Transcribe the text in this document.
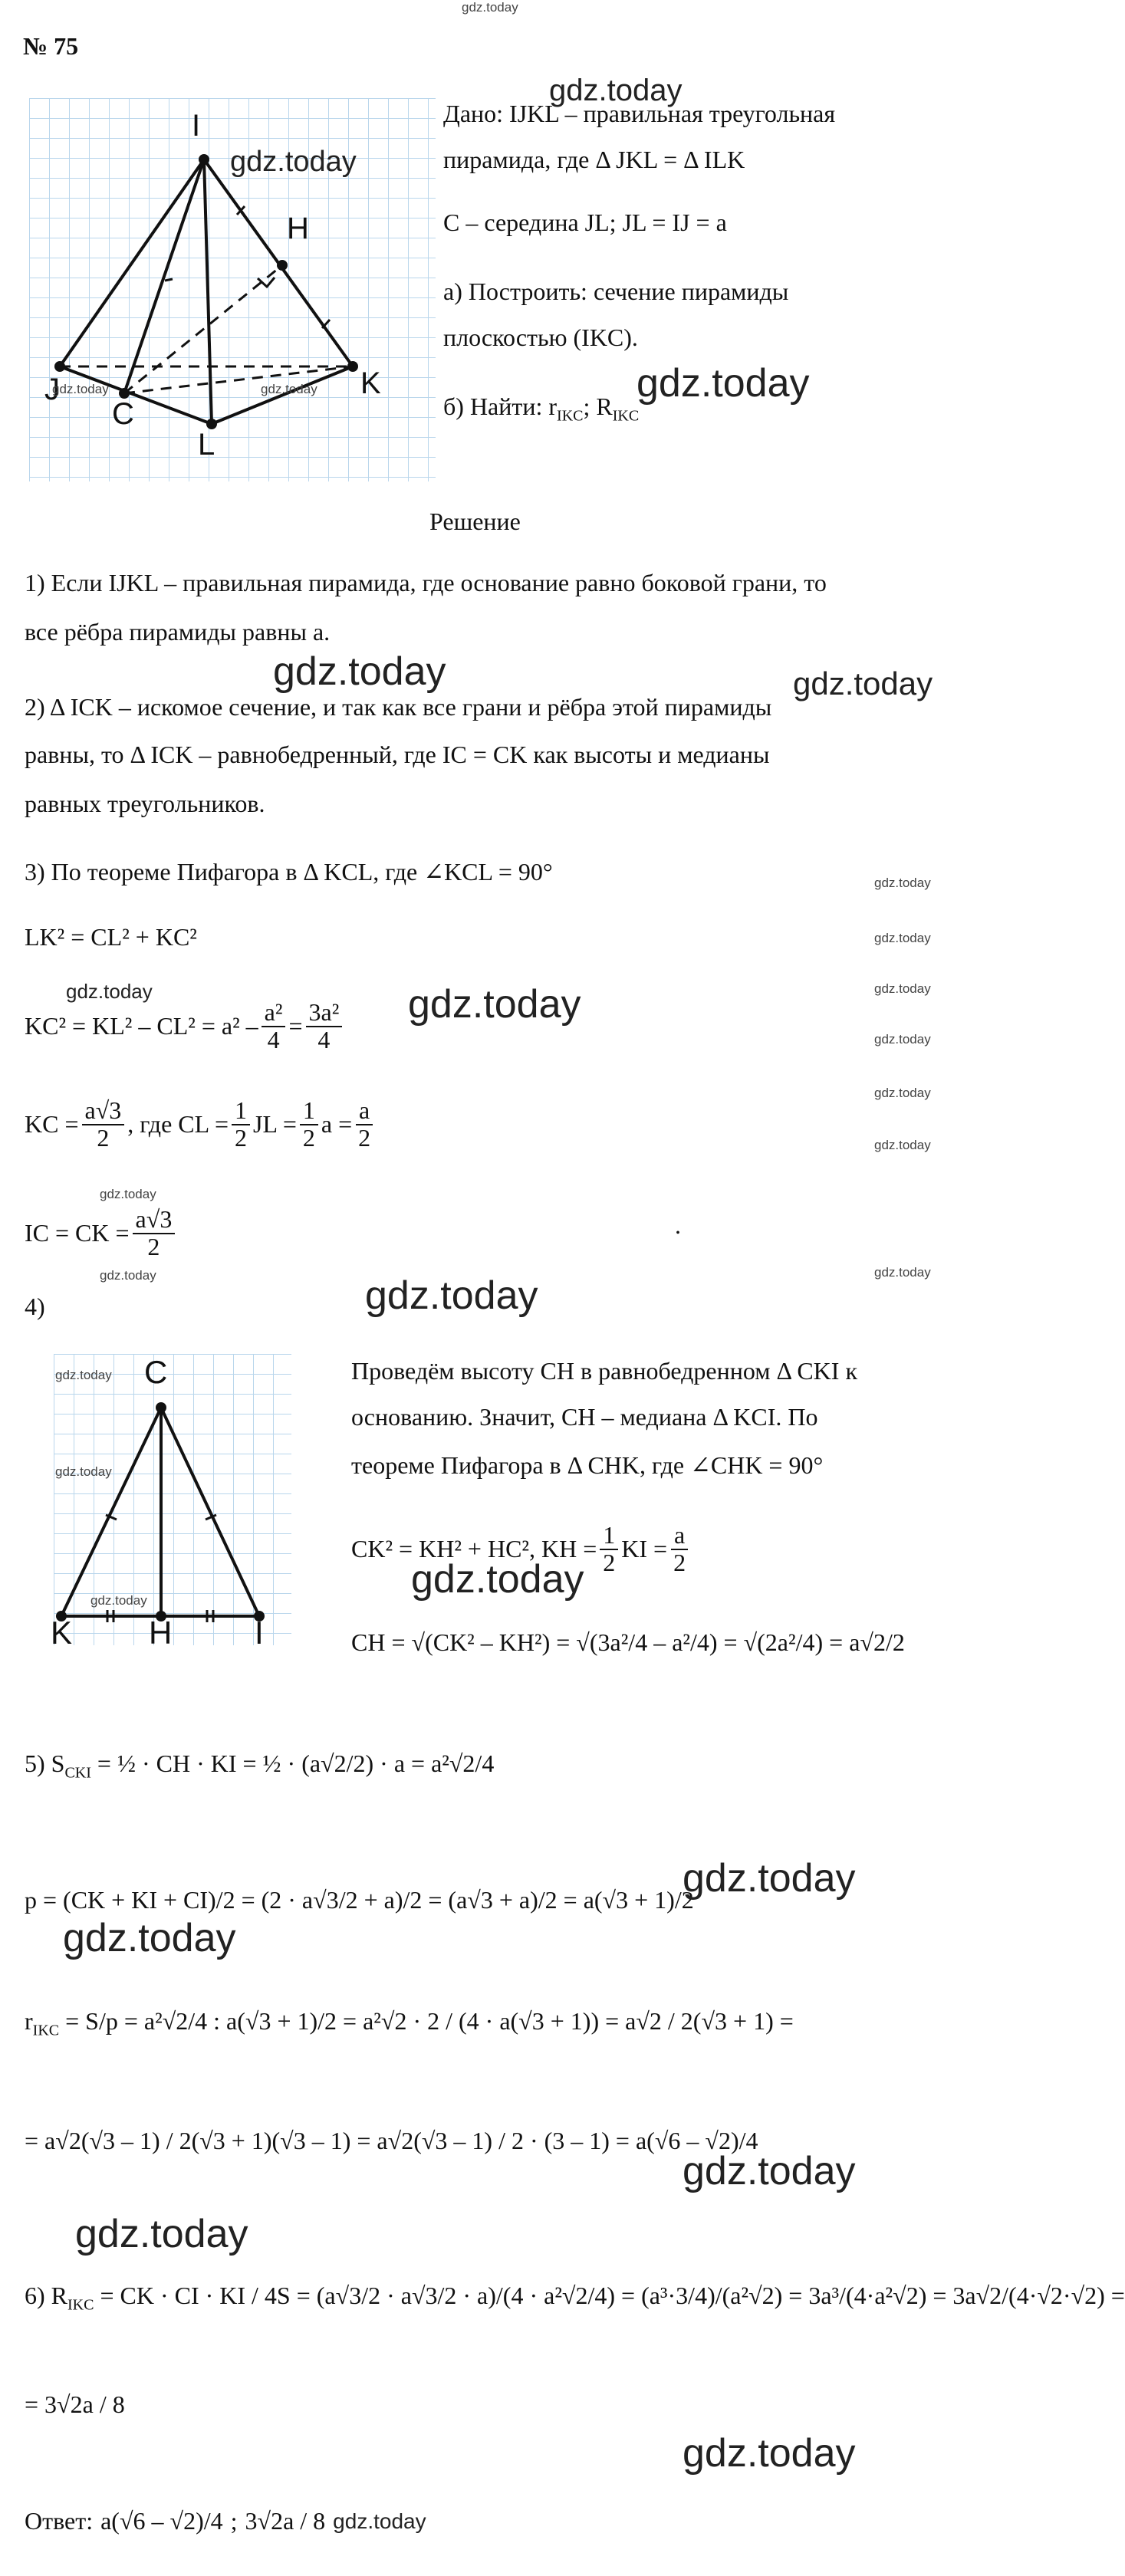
gdz.today
№ 75
I
H
J
C
K
L
gdz.today
gdz.today	gdz.today
gdz.today
Дано: IJKL – правильная треугольная
пирамида, где Δ JKL = Δ ILK
C – середина JL; JL = IJ = a
а) Построить: сечение пирамиды
плоскостью (IKC).
б) Найти: $r_{IKC}$; $R_{IKC}$
gdz.today
Решение
1) Если IJKL – правильная пирамида, где основание равно боковой грани, то
все рёбра пирамиды равны a.
gdz.today	gdz.today
2) Δ ICK – искомое сечение, и так как все грани и рёбра этой пирамиды
равны, то Δ ICK – равнобедренный, где IC = CK как высоты и медианы
равных треугольников.
3) По теореме Пифагора в Δ KCL, где ∠KCL = 90°	gdz.today
LK² = CL² + KC²	gdz.today
gdz.today	gdz.today
$KC^2 = KL^2 - CL^2 = a^2 - \frac{\text{a²}}{4} = \frac{\text{3a²}}{4}$ gdz.today
gdz.today
KC = $\frac{a√3}{2}$ , где CL = $\frac{1}{2}$ JL = $\frac{1}{2}$ $a = \frac{a}{2}$
gdz.today
gdz.today
gdz.today
IC = CK = $\frac{a√3}{2}$	.
gdz.today
gdz.today
4)	gdz.today
C
K H	I
gdz.today
gdz.today
gdz.today
Проведём высоту CH в равнобедренном Δ CKI к
основанию. Значит, CH – медиана Δ KCI. По
теореме Пифагора в Δ CHK, где ∠CHK = 90°
CK² = KH² + HC², KH = $\frac{1}{2}$ KI = $\frac{a}{2}$
gdz.today
CH = √(CK² – KH²) = √(3a²/4 – a²/4) = √(2a²/4) = a√2/2
5) $S_{CKI}$ = ½ · CH · KI = ½ · (a√2/2) · a = a²√2/4
p = (CK + KI + CI)/2 = (2 · a√3/2 + a)/2 = (a√3 + a)/2 = a(√3 + 1)/2
gdz.today
gdz.today
$r_{IKC} = S/p = a^2√2/4$ : a(√3 + 1)/2 = a²√2 · 2 / (4 · a(√3 + 1)) = a√2 / 2(√3 + 1) =
= a√2(√3 – 1) / 2(√3 + 1)(√3 – 1) = a√2(√3 – 1) / 2 · (3 – 1) = a(√6 – √2)/4
gdz.today
gdz.today
6) $R_{IKC}$ = CK · CI · KI / 4S = (a√3/2 · a√3/2 · a)/(4 · a²√2/4) = (a³·3/4)/(a²√2) = 3a³/(4·a²√2) = 3a√2/(4·√2·√2) =
= 3√2a / 8
gdz.today
Ответ: a(√6 – √2)/4 ; 3√2a / 8 gdz.today
